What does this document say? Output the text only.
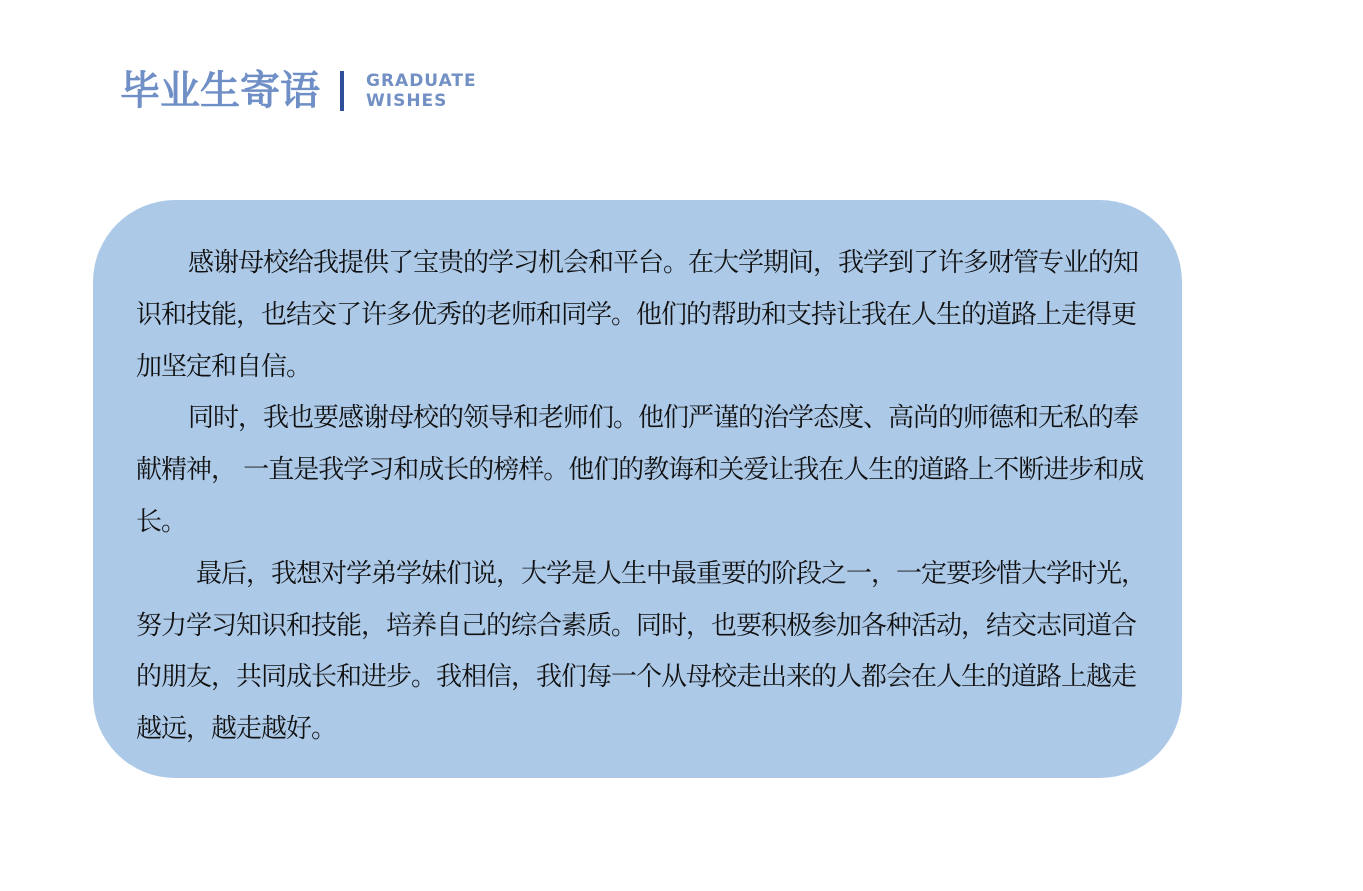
毕业生寄语	GRADUATE
WISHES

感谢母校给我提供了宝贵的学习机会和平台。在大学期间，我学到了许多财管专业的知识和技能，也结交了许多优秀的老师和同学。他们的帮助和支持让我在人生的道路上走得更加坚定和自信。

同时，我也要感谢母校的领导和老师们。他们严谨的治学态度、高尚的师德和无私的奉献精神， 一直是我学习和成长的榜样。他们的教诲和关爱让我在人生的道路上不断进步和成长。

最后，我想对学弟学妹们说，大学是人生中最重要的阶段之一，一定要珍惜大学时光，努力学习知识和技能，培养自己的综合素质。同时，也要积极参加各种活动，结交志同道合的朋友，共同成长和进步。我相信，我们每一个从母校走出来的人都会在人生的道路上越走越远，越走越好。
